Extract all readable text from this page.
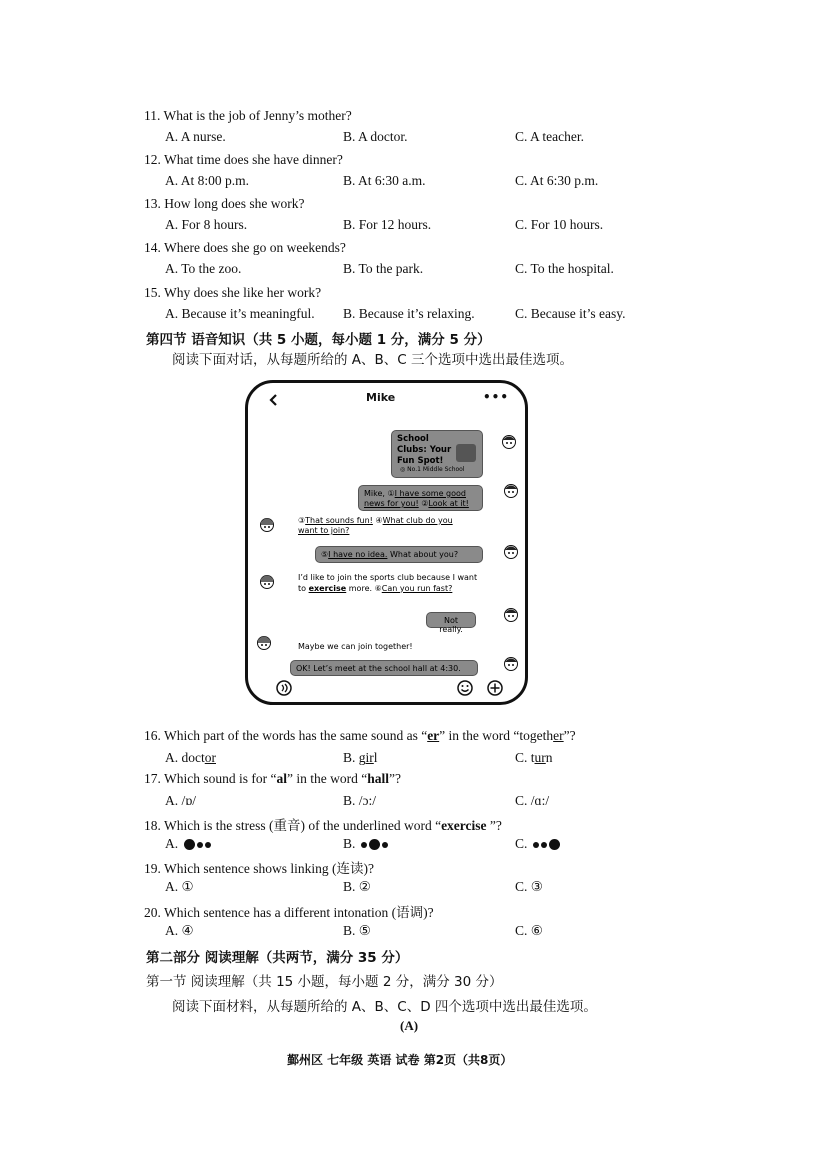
11. What is the job of Jenny’s mother?
A. A nurse.	B. A doctor.	C. A teacher.
12. What time does she have dinner?
A. At 8:00 p.m.	B. At 6:30 a.m.	C. At 6:30 p.m.
13. How long does she work?
A. For 8 hours.	B. For 12 hours.	C. For 10 hours.
14. Where does she go on weekends?
A. To the zoo.	B. To the park.	C. To the hospital.
15. Why does she like her work?
A. Because it’s meaningful. B. Because it’s relaxing.	C. Because it’s easy.
第四节 语音知识（共 5 小题，每小题 1 分，满分 5 分）
阅读下面对话，从每题所给的 A、B、C 三个选项中选出最佳选项。
Mike	•••
School Clubs: Your Fun Spot!
◎ No.1 Middle School
Mike, ①I have some good news for you! ②Look at it!
③That sounds fun! ④What club do you want to join?
⑤I have no idea. What about you?
I’d like to join the sports club because I want to exercise more. ⑥Can you run fast?
Not really.
Maybe we can join together!
OK! Let’s meet at the school hall at 4:30.
16. Which part of the words has the same sound as “er” in the word “together”?
A. doctor	B. girl	C. turn
17. Which sound is for “al” in the word “hall”?
A. /ɒ/	B. /ɔ:/	C. /ɑ:/
18. Which is the stress (重音) of the underlined word “exercise ”?
A.	B.	C.
19. Which sentence shows linking (连读)?
A. ①	B. ②	C. ③
20. Which sentence has a different intonation (语调)?
A. ④	B. ⑤	C. ⑥
第二部分 阅读理解（共两节，满分 35 分）
第一节 阅读理解（共 15 小题，每小题 2 分，满分 30 分）
阅读下面材料，从每题所给的 A、B、C、D 四个选项中选出最佳选项。
(A)
鄞州区 七年级 英语 试卷 第2页（共8页）
